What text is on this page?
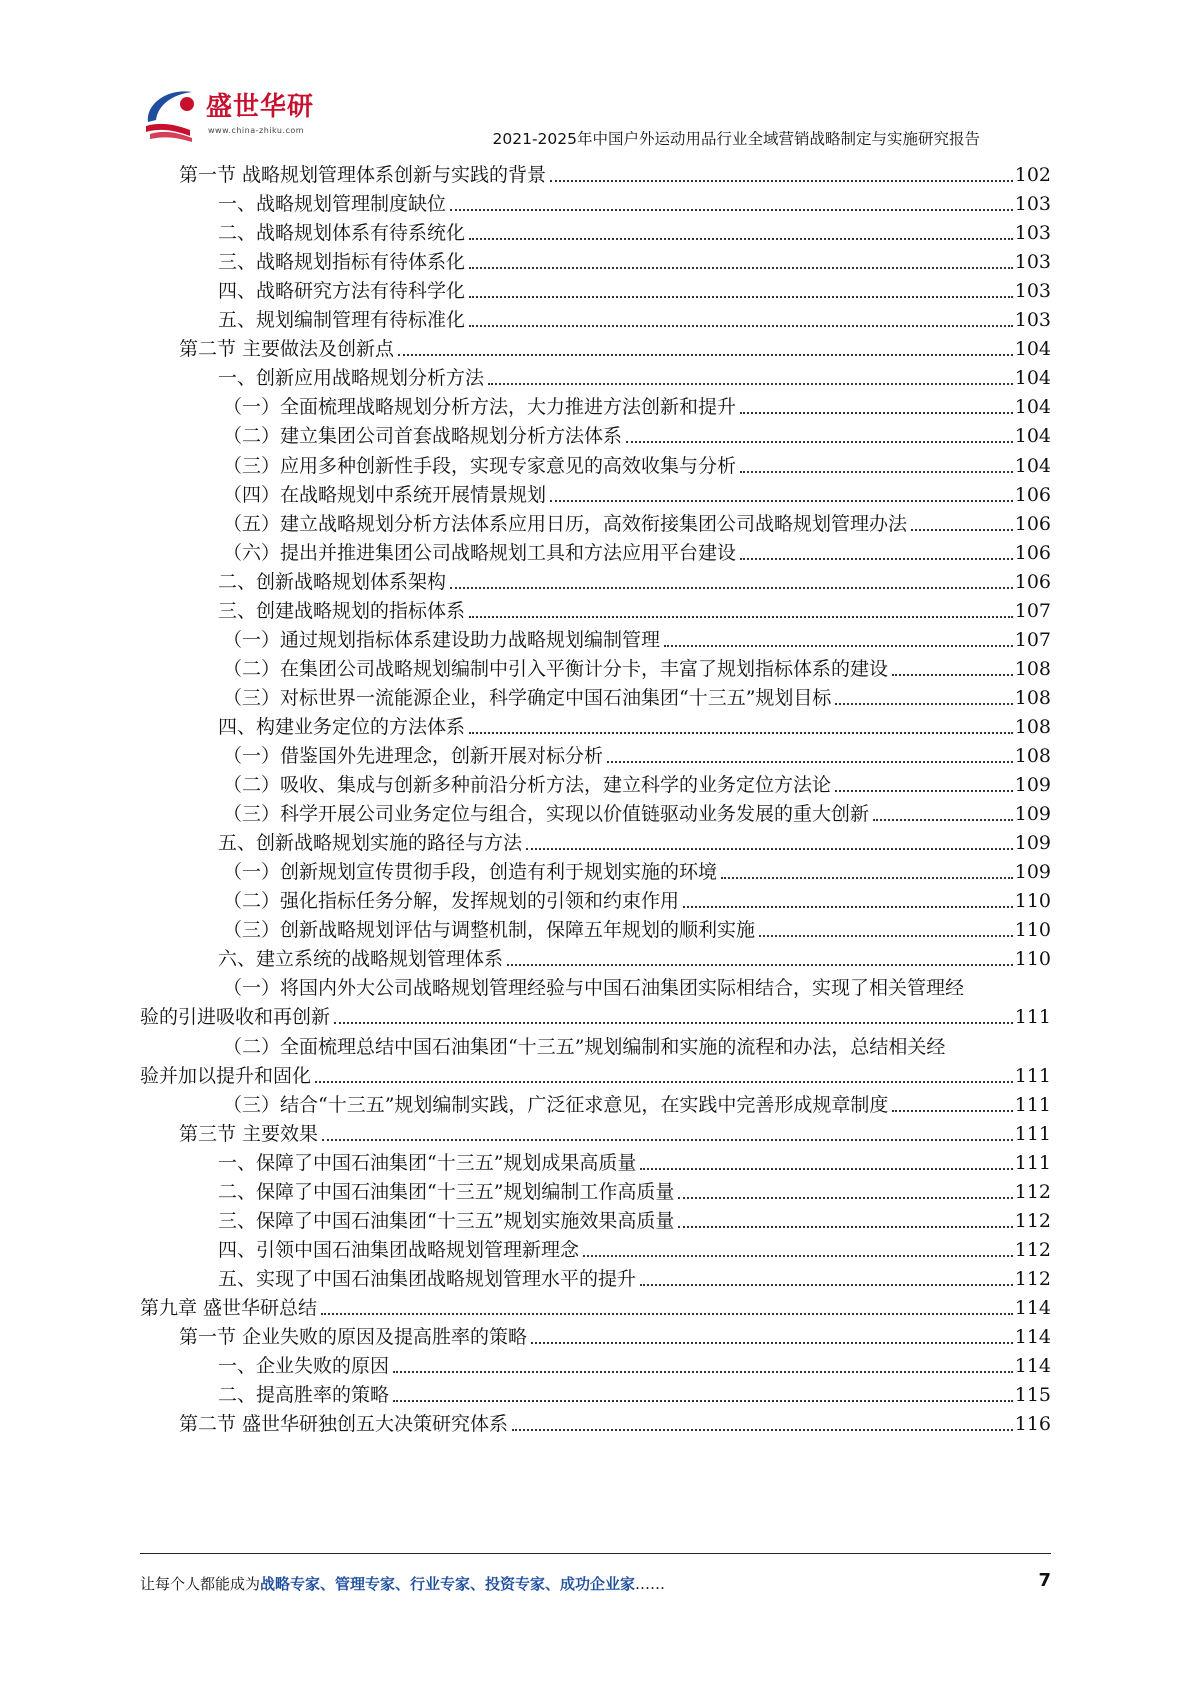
盛世华研
www.china-zhiku.com	2021-2025年中国户外运动用品行业全域营销战略制定与实施研究报告
第一节 战略规划管理体系创新与实践的背景	102
一、战略规划管理制度缺位	103
二、战略规划体系有待系统化	103
三、战略规划指标有待体系化	103
四、战略研究方法有待科学化	103
五、规划编制管理有待标准化	103
第二节 主要做法及创新点	104
一、创新应用战略规划分析方法	104
（一）全面梳理战略规划分析方法，大力推进方法创新和提升	104
（二）建立集团公司首套战略规划分析方法体系	104
（三）应用多种创新性手段，实现专家意见的高效收集与分析	104
（四）在战略规划中系统开展情景规划	106
（五）建立战略规划分析方法体系应用日历，高效衔接集团公司战略规划管理办法	106
（六）提出并推进集团公司战略规划工具和方法应用平台建设	106
二、创新战略规划体系架构	106
三、创建战略规划的指标体系	107
（一）通过规划指标体系建设助力战略规划编制管理	107
（二）在集团公司战略规划编制中引入平衡计分卡，丰富了规划指标体系的建设	108
（三）对标世界一流能源企业，科学确定中国石油集团“十三五”规划目标	108
四、构建业务定位的方法体系	108
（一）借鉴国外先进理念，创新开展对标分析	108
（二）吸收、集成与创新多种前沿分析方法，建立科学的业务定位方法论	109
（三）科学开展公司业务定位与组合，实现以价值链驱动业务发展的重大创新	109
五、创新战略规划实施的路径与方法	109
（一）创新规划宣传贯彻手段，创造有利于规划实施的环境	109
（二）强化指标任务分解，发挥规划的引领和约束作用	110
（三）创新战略规划评估与调整机制，保障五年规划的顺利实施	110
六、建立系统的战略规划管理体系	110
（一）将国内外大公司战略规划管理经验与中国石油集团实际相结合，实现了相关管理经
验的引进吸收和再创新	111
（二）全面梳理总结中国石油集团“十三五”规划编制和实施的流程和办法，总结相关经
验并加以提升和固化	111
（三）结合“十三五”规划编制实践，广泛征求意见，在实践中完善形成规章制度	111
第三节 主要效果	111
一、保障了中国石油集团“十三五”规划成果高质量	111
二、保障了中国石油集团“十三五”规划编制工作高质量	112
三、保障了中国石油集团“十三五”规划实施效果高质量	112
四、引领中国石油集团战略规划管理新理念	112
五、实现了中国石油集团战略规划管理水平的提升	112
第九章 盛世华研总结	114
第一节 企业失败的原因及提高胜率的策略	114
一、企业失败的原因	114
二、提高胜率的策略	115
第二节 盛世华研独创五大决策研究体系	116
让每个人都能成为战略专家、管理专家、行业专家、投资专家、成功企业家……	7
